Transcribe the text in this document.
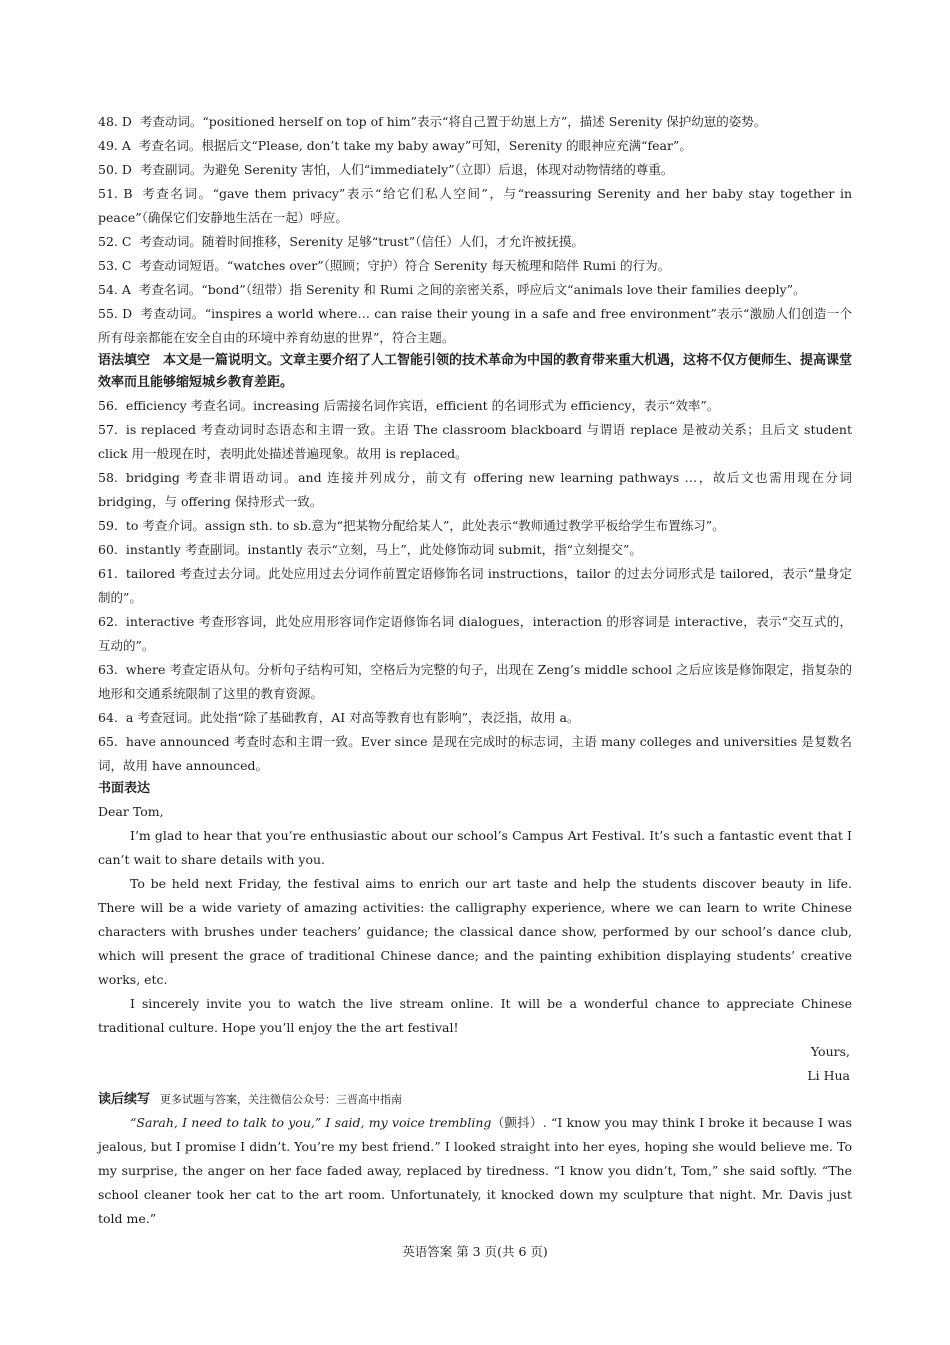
48. D 考查动词。“positioned herself on top of him”表示“将自己置于幼崽上方”，描述 Serenity 保护幼崽的姿势。
49. A 考查名词。根据后文“Please, don’t take my baby away”可知，Serenity 的眼神应充满“fear”。
50. D 考查副词。为避免 Serenity 害怕，人们“immediately”（立即）后退，体现对动物情绪的尊重。
51. B 考查名词。“gave them privacy”表示“给它们私人空间”，与“reassuring Serenity and her baby stay together in peace”（确保它们安静地生活在一起）呼应。
52. C 考查动词。随着时间推移，Serenity 足够“trust”（信任）人们，才允许被抚摸。
53. C 考查动词短语。“watches over”（照顾；守护）符合 Serenity 每天梳理和陪伴 Rumi 的行为。
54. A 考查名词。“bond”（纽带）指 Serenity 和 Rumi 之间的亲密关系，呼应后文“animals love their families deeply”。
55. D 考查动词。“inspires a world where… can raise their young in a safe and free environment”表示“激励人们创造一个所有母亲都能在安全自由的环境中养育幼崽的世界”，符合主题。
语法填空　本文是一篇说明文。文章主要介绍了人工智能引领的技术革命为中国的教育带来重大机遇，这将不仅方便师生、提高课堂效率而且能够缩短城乡教育差距。
56. efficiency 考查名词。increasing 后需接名词作宾语，efficient 的名词形式为 efficiency，表示“效率”。
57. is replaced 考查动词时态语态和主谓一致。主语 The classroom blackboard 与谓语 replace 是被动关系；且后文 student click 用一般现在时，表明此处描述普遍现象。故用 is replaced。
58. bridging 考查非谓语动词。and 连接并列成分，前文有 offering new learning pathways …，故后文也需用现在分词 bridging，与 offering 保持形式一致。
59. to 考查介词。assign sth. to sb.意为“把某物分配给某人”，此处表示“教师通过教学平板给学生布置练习”。
60. instantly 考查副词。instantly 表示“立刻，马上”，此处修饰动词 submit，指“立刻提交”。
61. tailored 考查过去分词。此处应用过去分词作前置定语修饰名词 instructions，tailor 的过去分词形式是 tailored，表示“量身定制的”。
62. interactive 考查形容词，此处应用形容词作定语修饰名词 dialogues，interaction 的形容词是 interactive，表示“交互式的，互动的”。
63. where 考查定语从句。分析句子结构可知，空格后为完整的句子，出现在 Zeng’s middle school 之后应该是修饰限定，指复杂的地形和交通系统限制了这里的教育资源。
64. a 考查冠词。此处指“除了基础教育，AI 对高等教育也有影响”，表泛指，故用 a。
65. have announced 考查时态和主谓一致。Ever since 是现在完成时的标志词，主语 many colleges and universities 是复数名词，故用 have announced。
书面表达

Dear Tom,

I’m glad to hear that you’re enthusiastic about our school’s Campus Art Festival. It’s such a fantastic event that I can’t wait to share details with you.

To be held next Friday, the festival aims to enrich our art taste and help the students discover beauty in life. There will be a wide variety of amazing activities: the calligraphy experience, where we can learn to write Chinese characters with brushes under teachers’ guidance; the classical dance show, performed by our school’s dance club, which will present the grace of traditional Chinese dance; and the painting exhibition displaying students’ creative works, etc.

I sincerely invite you to watch the live stream online. It will be a wonderful chance to appreciate Chinese traditional culture. Hope you’ll enjoy the the art festival!

Yours,

Li Hua

读后续写 更多试题与答案，关注微信公众号：三晋高中指南

“Sarah, I need to talk to you,” I said, my voice trembling（颤抖）. “I know you may think I broke it because I was jealous, but I promise I didn’t. You’re my best friend.” I looked straight into her eyes, hoping she would believe me. To my surprise, the anger on her face faded away, replaced by tiredness. “I know you didn’t, Tom,” she said softly. “The school cleaner took her cat to the art room. Unfortunately, it knocked down my sculpture that night. Mr. Davis just told me.”

英语答案 第 3 页(共 6 页)
